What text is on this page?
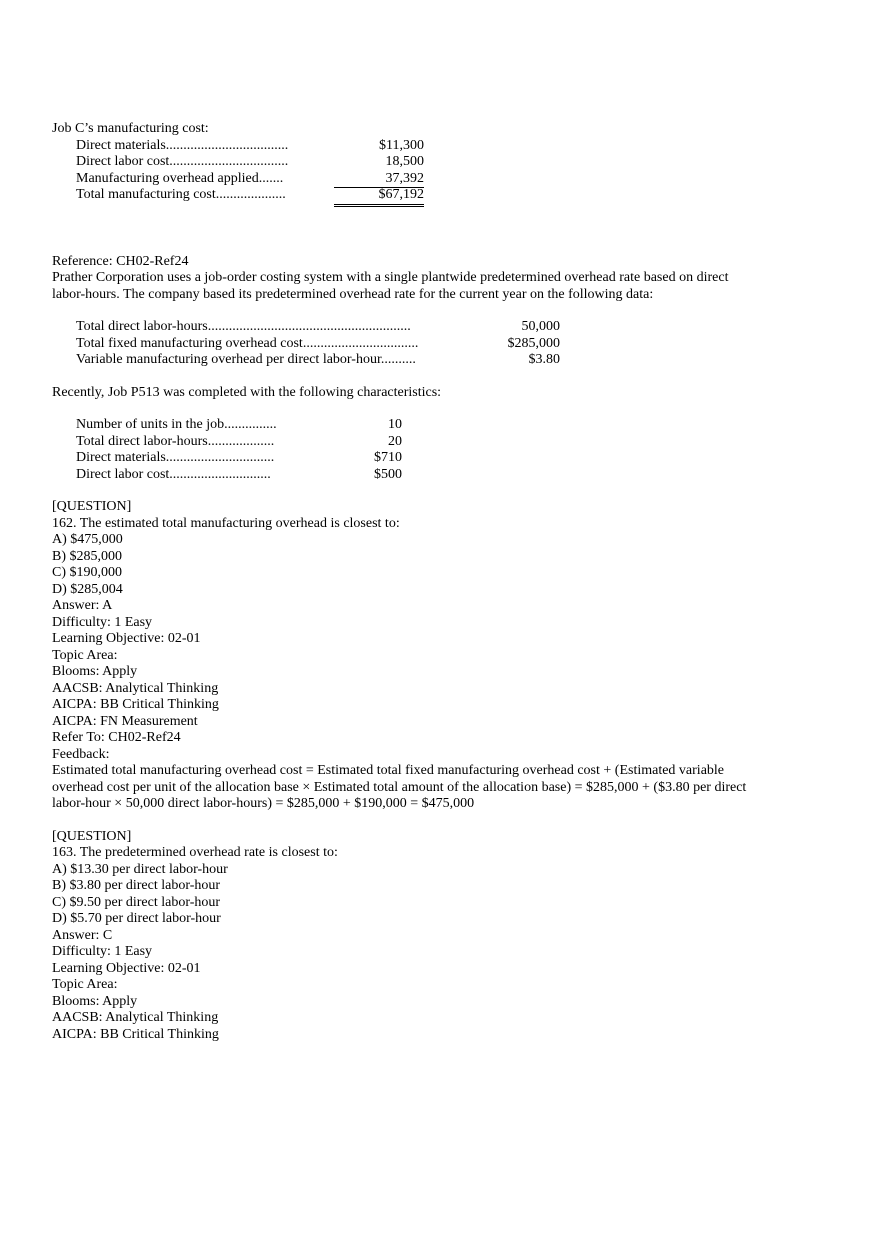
Job C’s manufacturing cost:
Direct materials...................................	$11,300
Direct labor cost..................................	18,500
Manufacturing overhead applied.......	37,392
Total manufacturing cost....................	$67,192
Reference: CH02-Ref24
Prather Corporation uses a job-order costing system with a single plantwide predetermined overhead rate based on direct labor-hours. The company based its predetermined overhead rate for the current year on the following data:
Total direct labor-hours..........................................................	50,000
Total fixed manufacturing overhead cost.................................	$285,000
Variable manufacturing overhead per direct labor-hour..........	$3.80
Recently, Job P513 was completed with the following characteristics:
Number of units in the job...............	10
Total direct labor-hours...................	20
Direct materials...............................	$710
Direct labor cost.............................	$500
[QUESTION]
162. The estimated total manufacturing overhead is closest to:
A) $475,000
B) $285,000
C) $190,000
D) $285,004
Answer: A
Difficulty: 1 Easy
Learning Objective: 02-01
Topic Area:
Blooms: Apply
AACSB: Analytical Thinking
AICPA: BB Critical Thinking
AICPA: FN Measurement
Refer To: CH02-Ref24
Feedback:
Estimated total manufacturing overhead cost = Estimated total fixed manufacturing overhead cost + (Estimated variable overhead cost per unit of the allocation base × Estimated total amount of the allocation base) = $285,000 + ($3.80 per direct labor-hour × 50,000 direct labor-hours) = $285,000 + $190,000 = $475,000
[QUESTION]
163. The predetermined overhead rate is closest to:
A) $13.30 per direct labor-hour
B) $3.80 per direct labor-hour
C) $9.50 per direct labor-hour
D) $5.70 per direct labor-hour
Answer: C
Difficulty: 1 Easy
Learning Objective: 02-01
Topic Area:
Blooms: Apply
AACSB: Analytical Thinking
AICPA: BB Critical Thinking
